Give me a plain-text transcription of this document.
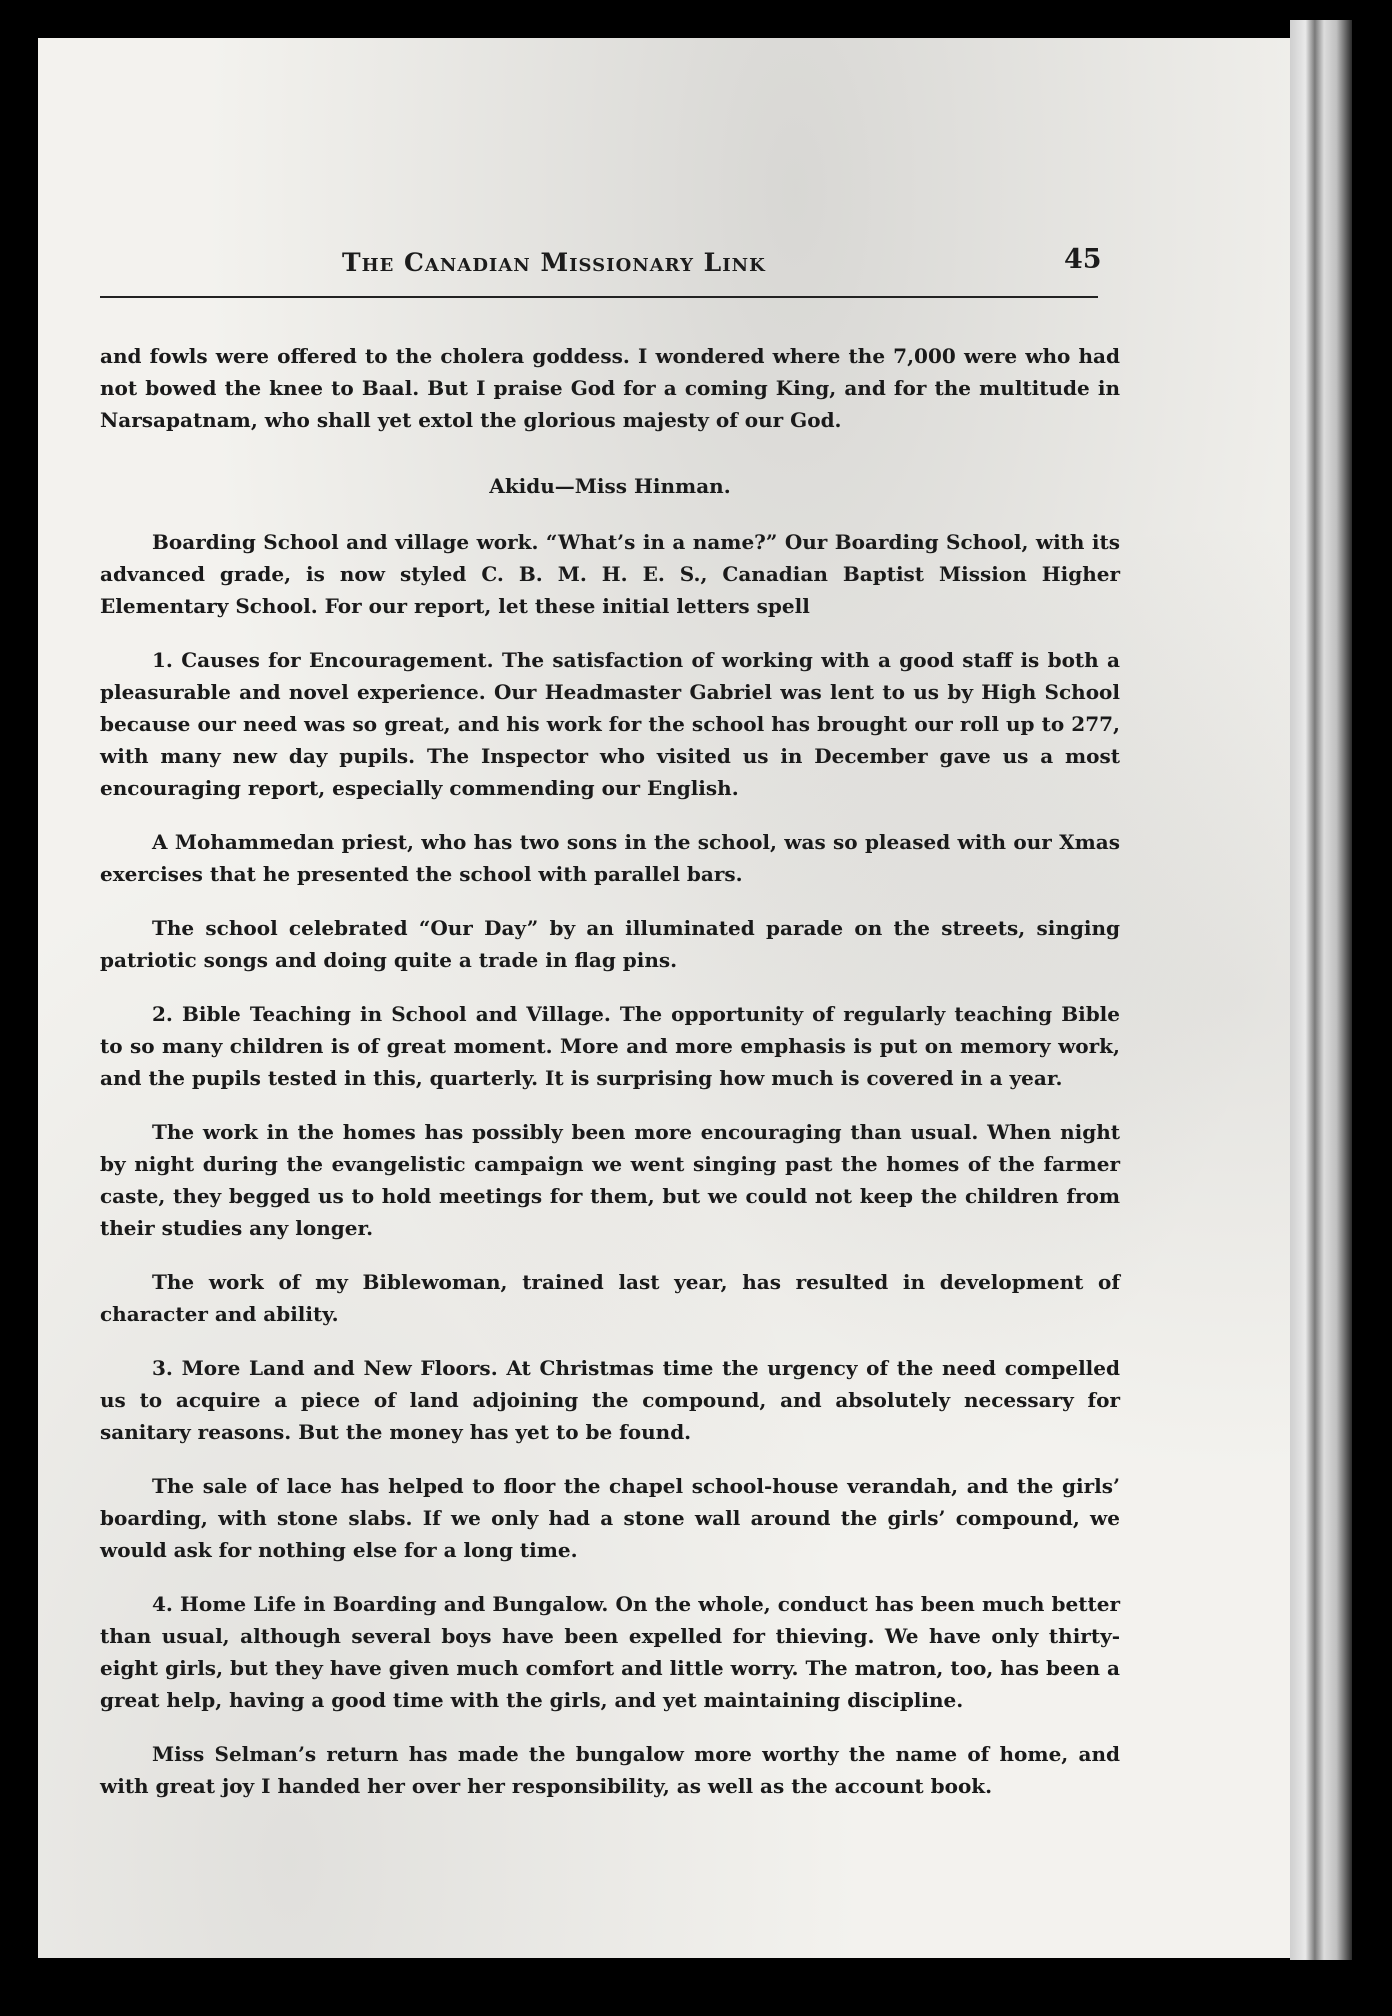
The Canadian Missionary Link	45

and fowls were offered to the cholera goddess. I wondered where the 7,000 were who had not bowed the knee to Baal. But I praise God for a coming King, and for the multitude in Narsapatnam, who shall yet extol the glorious majesty of our God.

Akidu—Miss Hinman.

Boarding School and village work. “What’s in a name?” Our Boarding School, with its advanced grade, is now styled C. B. M. H. E. S., Canadian Baptist Mission Higher Elementary School. For our report, let these initial letters spell

1. Causes for Encouragement. The satisfaction of working with a good staff is both a pleasurable and novel experience. Our Headmaster Gabriel was lent to us by High School because our need was so great, and his work for the school has brought our roll up to 277, with many new day pupils. The Inspector who visited us in December gave us a most encouraging report, especially commending our English.

A Mohammedan priest, who has two sons in the school, was so pleased with our Xmas exercises that he presented the school with parallel bars.

The school celebrated “Our Day” by an illuminated parade on the streets, singing patriotic songs and doing quite a trade in flag pins.

2. Bible Teaching in School and Village. The opportunity of regularly teaching Bible to so many children is of great moment. More and more emphasis is put on memory work, and the pupils tested in this, quarterly. It is surprising how much is covered in a year.

The work in the homes has possibly been more encouraging than usual. When night by night during the evangelistic campaign we went singing past the homes of the farmer caste, they begged us to hold meetings for them, but we could not keep the children from their studies any longer.

The work of my Biblewoman, trained last year, has resulted in development of character and ability.

3. More Land and New Floors. At Christmas time the urgency of the need compelled us to acquire a piece of land adjoining the compound, and absolutely necessary for sanitary reasons. But the money has yet to be found.

The sale of lace has helped to floor the chapel school-house verandah, and the girls’ boarding, with stone slabs. If we only had a stone wall around the girls’ compound, we would ask for nothing else for a long time.

4. Home Life in Boarding and Bungalow. On the whole, conduct has been much better than usual, although several boys have been expelled for thieving. We have only thirty-eight girls, but they have given much comfort and little worry. The matron, too, has been a great help, having a good time with the girls, and yet maintaining discipline.

Miss Selman’s return has made the bungalow more worthy the name of home, and with great joy I handed her over her responsibility, as well as the account book.
